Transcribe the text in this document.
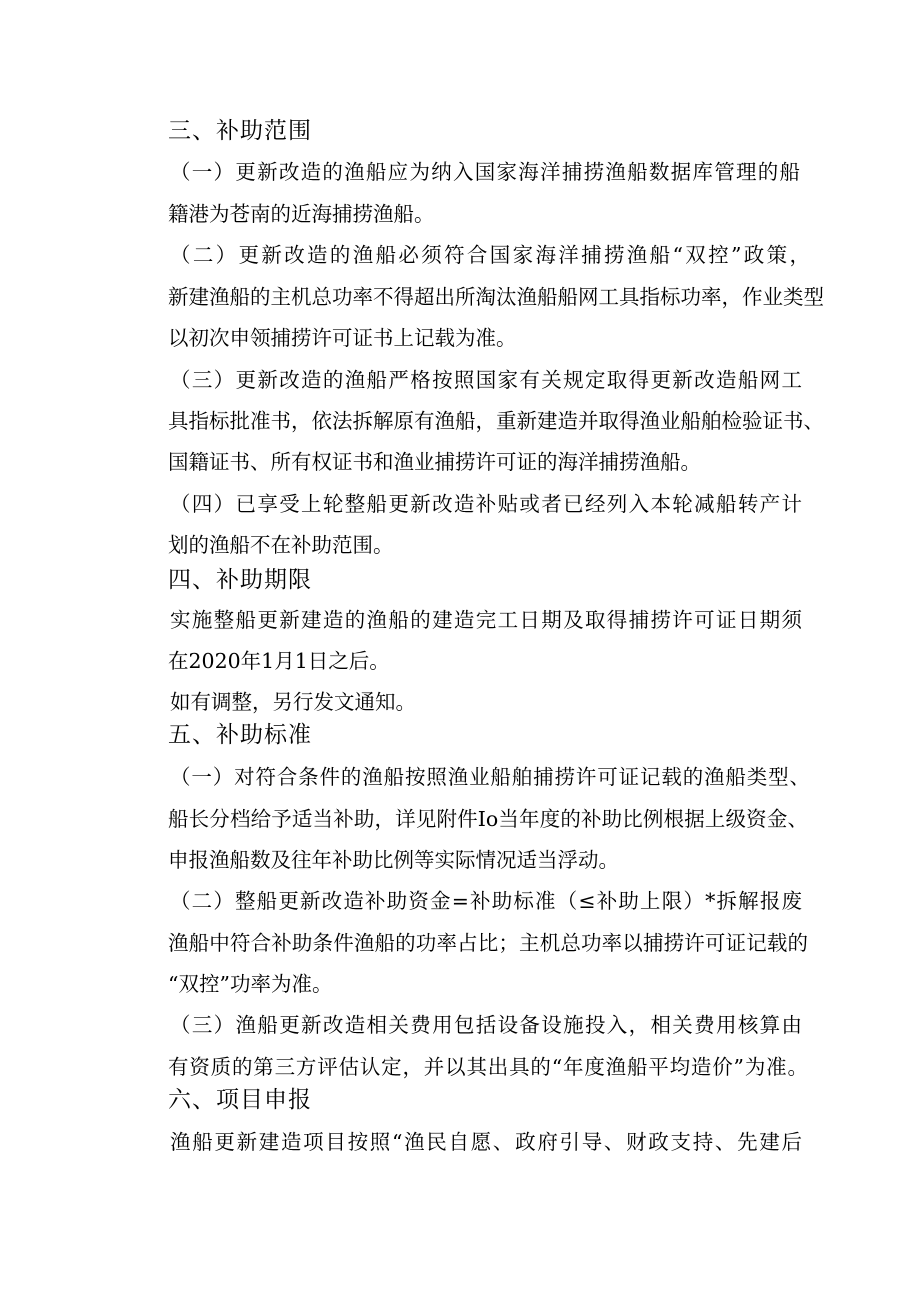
三、补助范围
（一）更新改造的渔船应为纳入国家海洋捕捞渔船数据库管理的船
籍港为苍南的近海捕捞渔船。
（二）更新改造的渔船必须符合国家海洋捕捞渔船“双控”政策，
新建渔船的主机总功率不得超出所淘汰渔船船网工具指标功率，作业类型
以初次申领捕捞许可证书上记载为准。
（三）更新改造的渔船严格按照国家有关规定取得更新改造船网工
具指标批准书，依法拆解原有渔船，重新建造并取得渔业船舶检验证书、
国籍证书、所有权证书和渔业捕捞许可证的海洋捕捞渔船。
（四）已享受上轮整船更新改造补贴或者已经列入本轮减船转产计
划的渔船不在补助范围。
四、补助期限
实施整船更新建造的渔船的建造完工日期及取得捕捞许可证日期须
在2020年1月1日之后。
如有调整，另行发文通知。
五、补助标准
（一）对符合条件的渔船按照渔业船舶捕捞许可证记载的渔船类型、
船长分档给予适当补助，详见附件Io当年度的补助比例根据上级资金、
申报渔船数及往年补助比例等实际情况适当浮动。
（二）整船更新改造补助资金=补助标准（≤补助上限）*拆解报废
渔船中符合补助条件渔船的功率占比；主机总功率以捕捞许可证记载的
“双控”功率为准。
（三）渔船更新改造相关费用包括设备设施投入，相关费用核算由
有资质的第三方评估认定，并以其出具的“年度渔船平均造价”为准。
六、项目申报
渔船更新建造项目按照“渔民自愿、政府引导、财政支持、先建后
